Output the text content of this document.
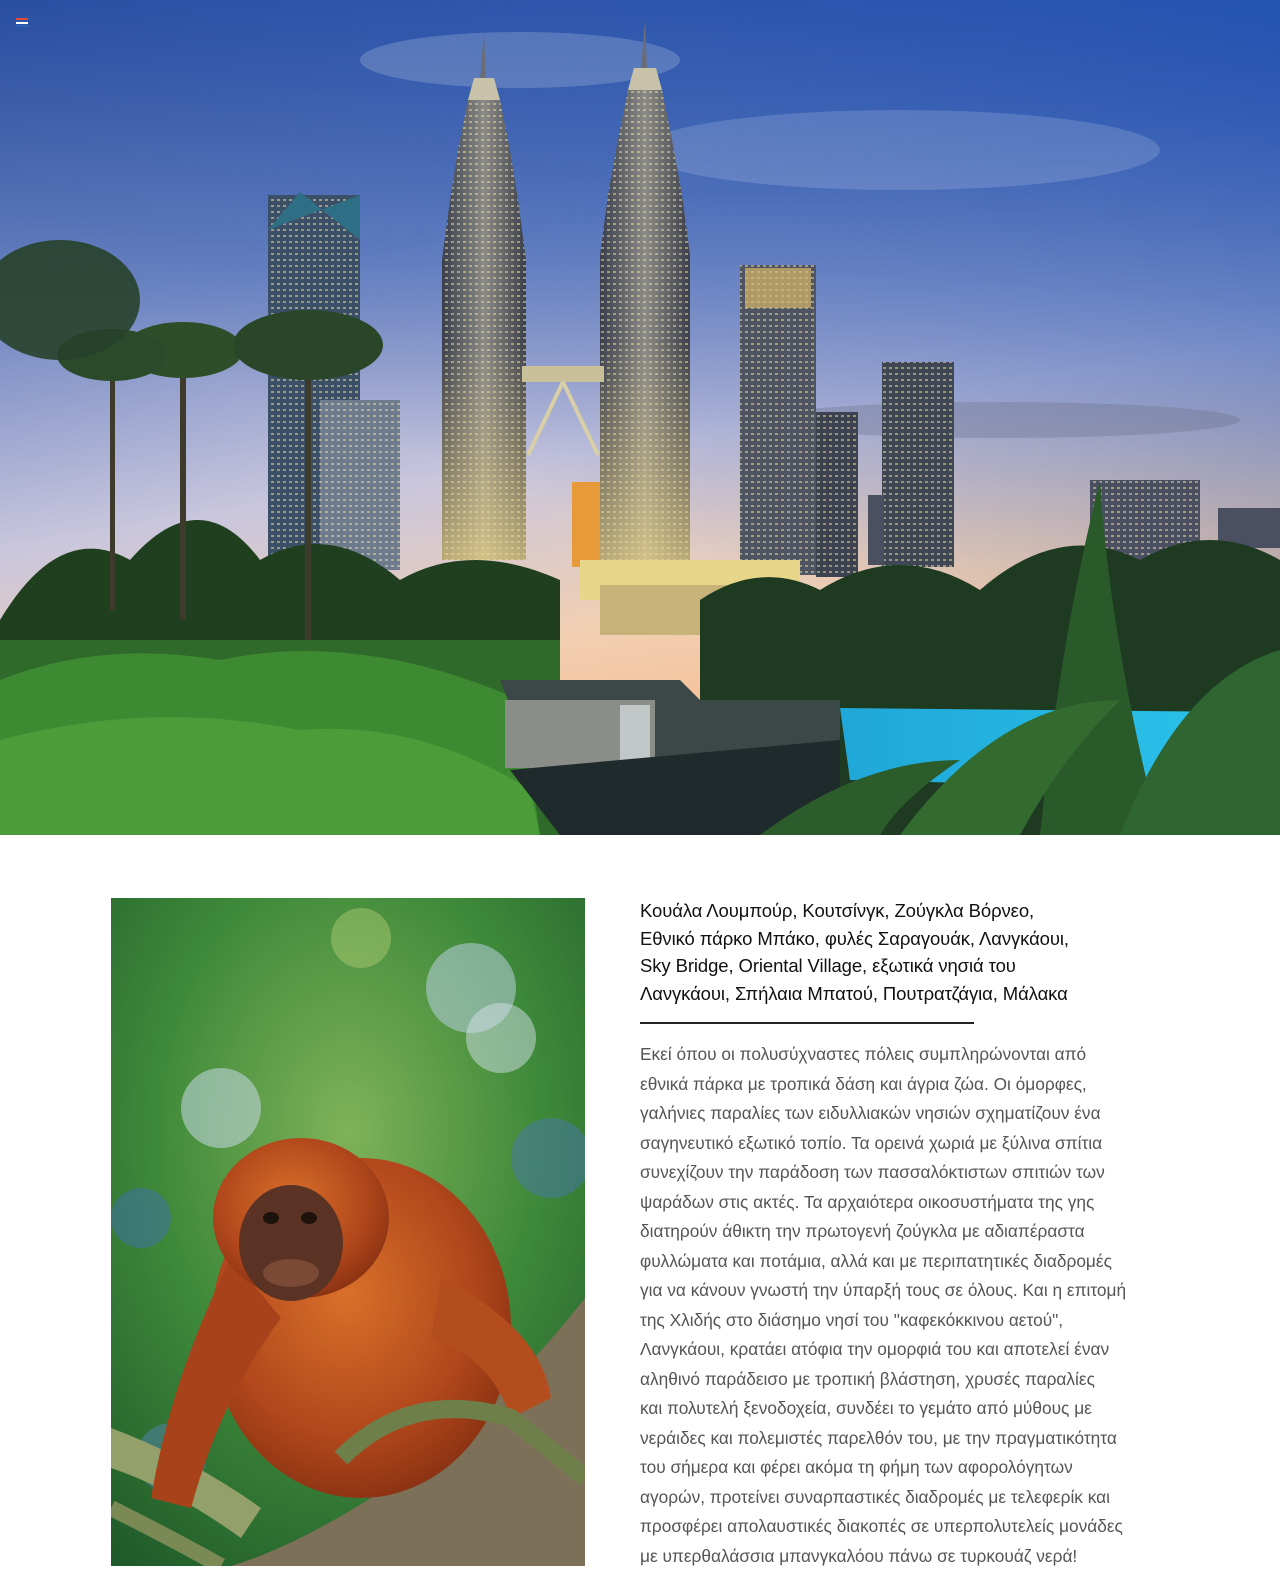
Κουάλα Λουμπούρ, Κουτσίνγκ, Ζούγκλα Βόρνεο,
Εθνικό πάρκο Μπάκο, φυλές Σαραγουάκ, Λανγκάουι,
Sky Bridge, Oriental Village, εξωτικά νησιά του
Λανγκάουι, Σπήλαια Μπατού, Πουτρατζάγια, Μάλακα

Εκεί όπου οι πολυσύχναστες πόλεις συμπληρώνονται από
εθνικά πάρκα με τροπικά δάση και άγρια ζώα. Οι όμορφες,
γαλήνιες παραλίες των ειδυλλιακών νησιών σχηματίζουν ένα
σαγηνευτικό εξωτικό τοπίο. Τα ορεινά χωριά με ξύλινα σπίτια
συνεχίζουν την παράδοση των πασσαλόκτιστων σπιτιών των
ψαράδων στις ακτές. Τα αρχαιότερα οικοσυστήματα της γης
διατηρούν άθικτη την πρωτογενή ζούγκλα με αδιαπέραστα
φυλλώματα και ποτάμια, αλλά και με περιπατητικές διαδρομές
για να κάνουν γνωστή την ύπαρξή τους σε όλους. Και η επιτομή
της Χλιδής στο διάσημο νησί του "καφεκόκκινου αετού",
Λανγκάουι, κρατάει ατόφια την ομορφιά του και αποτελεί έναν
αληθινό παράδεισο με τροπική βλάστηση, χρυσές παραλίες
και πολυτελή ξενοδοχεία, συνδέει το γεμάτο από μύθους με
νεράιδες και πολεμιστές παρελθόν του, με την πραγματικότητα
του σήμερα και φέρει ακόμα τη φήμη των αφορολόγητων
αγορών, προτείνει συναρπαστικές διαδρομές με τελεφερίκ και
προσφέρει απολαυστικές διακοπές σε υπερπολυτελείς μονάδες
με υπερθαλάσσια μπανγκαλόου πάνω σε τυρκουάζ νερά!
